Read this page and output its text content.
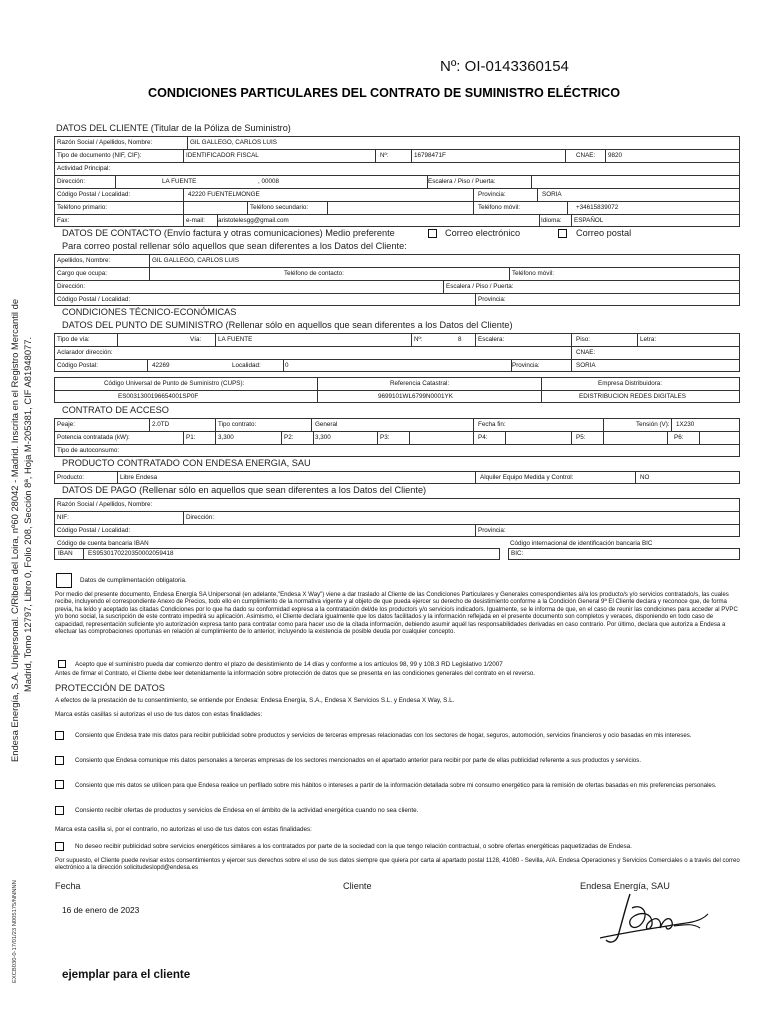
Nº: OI-0143360154
CONDICIONES PARTICULARES DEL CONTRATO DE SUMINISTRO ELÉCTRICO
Endesa Energía, S.A. Unipersonal. C/Ribera del Loira, nº60 28042 - Madrid. Inscrita en el Registro Mercantil de Madrid, Tomo 12797, Libro 0, Folio 208, Sección 8ª, Hoja M-205381, CIF A81948077.
EXCB030-0-17/01/23 N005175/NNNNN
DATOS DEL CLIENTE (Titular de la Póliza de Suministro)
Razón Social / Apellidos, Nombre:	GIL GALLEGO, CARLOS LUIS
Tipo de documento (NIF, CIF):	IDENTIFICADOR FISCAL	Nº:	16798471F	CNAE: 9820
Actividad Principal:
Dirección:	LA FUENTE	, 00008	Escalera / Piso / Puerta:
Código Postal / Localidad:	42220 FUENTELMONGE	Provincia:	SORIA
Teléfono primario:	Teléfono secundario:	Teléfono móvil:	+34615839072
Fax:	e-mail: aristotelesgg@gmail.com	Idioma: ESPAÑOL
DATOS DE CONTACTO (Envío factura y otras comunicaciones) Medio preferente	Correo electrónico	Correo postal
Para correo postal rellenar sólo aquellos que sean diferentes a los Datos del Cliente:
Apellidos, Nombre:	GIL GALLEGO, CARLOS LUIS
Cargo que ocupa:	Teléfono de contacto:	Teléfono móvil:
Dirección:	Escalera / Piso / Puerta:
Código Postal / Localidad:	Provincia:
CONDICIONES TÉCNICO-ECONÓMICAS
DATOS DEL PUNTO DE SUMINISTRO (Rellenar sólo en aquellos que sean diferentes a los Datos del Cliente)
Tipo de vía:	Vía:	LA FUENTE	Nº:	8	Escalera:	Piso:	Letra:
Aclarador dirección:	CNAE:
Código Postal:	42269	Localidad:	0	Provincia:	SORIA
Código Universal de Punto de Suministro (CUPS):
ES0031300196654001SP0F
Referencia Catastral:
9699101WL6799N0001YK
Empresa Distribuidora:
EDISTRIBUCION REDES DIGITALES
CONTRATO DE ACCESO
Peaje:	2.0TD	Tipo contrato:	General	Fecha fin:	Tensión (V): 1X230
Potencia contratada (kW):	P1:	3,300	P2:	3,300	P3:	P4:	P5:	P6:
Tipo de autoconsumo:
PRODUCTO CONTRATADO CON ENDESA ENERGIA, SAU
Producto:	Libre Endesa	Alquiler Equipo Medida y Control:	NO
DATOS DE PAGO (Rellenar sólo en aquellos que sean diferentes a los Datos del Cliente)
Razón Social / Apellidos, Nombre:
NIF:	Dirección:
Código Postal / Localidad:	Provincia:
Código de cuenta bancaria IBAN	Código internacional de identificación bancaria BIC
IBAN ES9530170220350002059418	BIC:
Datos de cumplimentación obligatoria.
Por medio del presente documento, Endesa Energía SA Unipersonal (en adelante,"Endesa X Way") viene a dar traslado al Cliente de las Condiciones Particulares y Generales correspondientes al/a los producto/s y/o servicios contratado/s, las cuales recibe, incluyendo el correspondiente Anexo de Precios, todo ello en cumplimiento de la normativa vigente y al objeto de que pueda ejercer su derecho de desistimiento conforme a la Condición General 9ª El Cliente declara y reconoce que, de forma previa, ha leído y aceptado las citadas Condiciones por lo que ha dado su conformidad expresa a la contratación del/de los producto/s y/o servicio/s indicado/s. Igualmente, se le informa de que, en el caso de reunir las condiciones para acceder al PVPC y/o bono social, la suscripción de este contrato impedirá su aplicación. Asimismo, el Cliente declara igualmente que los datos facilitados y la información reflejada en el presente documento son completos y veraces, disponiendo en todo caso de capacidad, representación suficiente y/o autorización expresa tanto para contratar como para hacer uso de la citada información, debiendo asumir aquél las responsabilidades derivadas en caso contrario. Por último, declara que autoriza a Endesa a efectuar las comprobaciones oportunas en relación al cumplimiento de lo anterior, incluyendo la existencia de posible deuda por cualquier concepto.
Acepto que el suministro pueda dar comienzo dentro el plazo de desistimiento de 14 días y conforme a los artículos 98, 99 y 108.3 RD Legislativo 1/2007
Antes de firmar el Contrato, el Cliente debe leer detenidamente la información sobre protección de datos que se presenta en las condiciones generales del contrato en el reverso.
PROTECCIÓN DE DATOS
A efectos de la prestación de tu consentimiento, se entiende por Endesa: Endesa Energía, S.A., Endesa X Servicios S.L. y Endesa X Way, S.L.
Marca estás casillas si autorizas el uso de tus datos con estas finalidades:
Consiento que Endesa trate mis datos para recibir publicidad sobre productos y servicios de terceras empresas relacionadas con los sectores de hogar, seguros, automoción, servicios financieros y ocio basadas en mis intereses.
Consiento que Endesa comunique mis datos personales a terceras empresas de los sectores mencionados en el apartado anterior para recibir por parte de ellas publicidad referente a sus productos y servicios.
Consiento que mis datos se utilicen para que Endesa realice un perfilado sobre mis hábitos o intereses a partir de la información detallada sobre mi consumo energético para la remisión de ofertas basadas en mis preferencias personales.
Consiento recibir ofertas de productos y servicios de Endesa en el ámbito de la actividad energética cuando no sea cliente.
Marca esta casilla si, por el contrario, no autorizas el uso de tus datos con estas finalidades:
No deseo recibir publicidad sobre servicios energéticos similares a los contratados por parte de la sociedad con la que tengo relación contractual, o sobre ofertas energéticas paquetizadas de Endesa.
Por supuesto, el Cliente puede revisar estos consentimientos y ejercer sus derechos sobre el uso de sus datos siempre que quiera por carta al apartado postal 1128, 41080 - Sevilla, A/A. Endesa Operaciones y Servicios Comerciales o a través del correo electrónico a la dirección solicitudeslopd@endesa.es
Fecha	Cliente	Endesa Energía, SAU
16 de enero de 2023
ejemplar para el cliente
